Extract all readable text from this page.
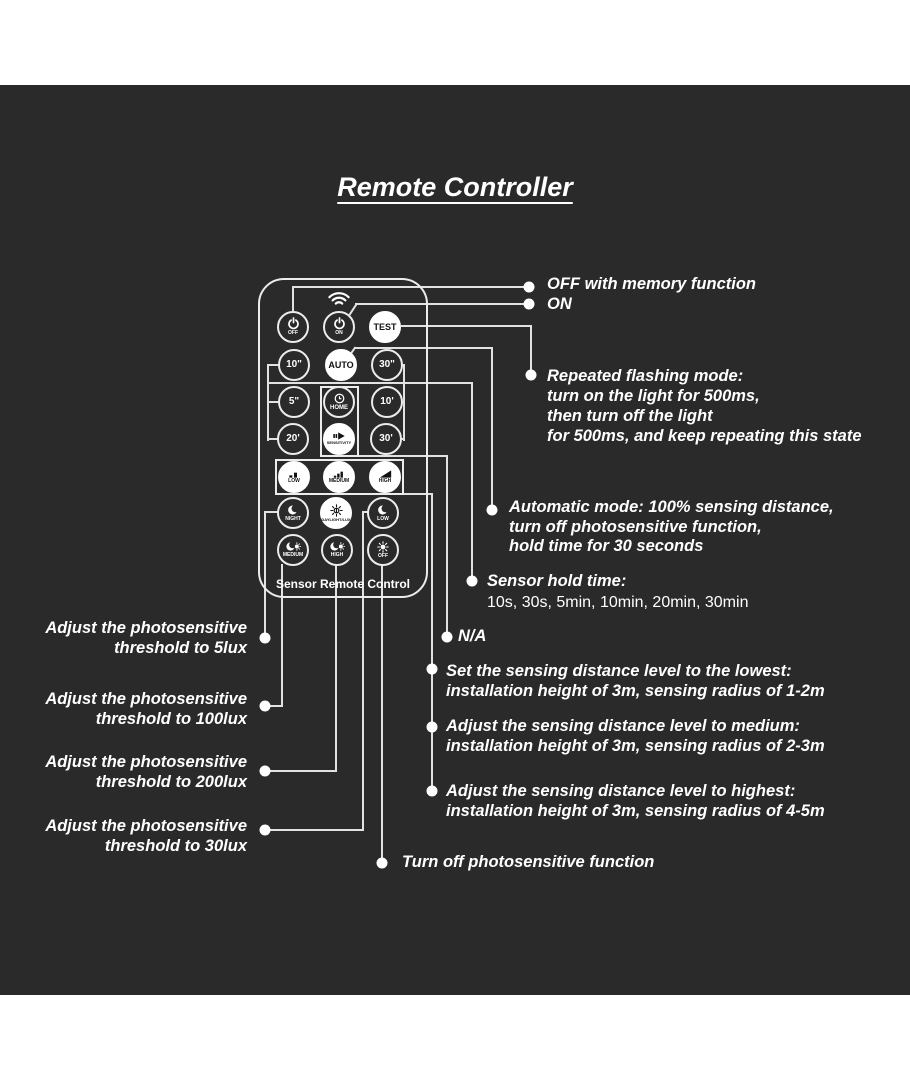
Remote Controller
OFF	ON
TEST
10"	AUTO	30"
5"
HOME
10'
20'	SENSITIVITY	30'
LOW	MEDIUM	HIGH
NIGHT	DAYLIGHT/LUX	LOW
MEDIUM	HIGH	OFF
Sensor Remote Control
OFF with memory function
ON
Repeated flashing mode:
turn on the light for 500ms,
then turn off the light
for 500ms, and keep repeating this state
Automatic mode: 100% sensing distance,
turn off photosensitive function,
hold time for 30 seconds
Sensor hold time:
10s, 30s, 5min, 10min, 20min, 30min
N/A
Set the sensing distance level to the lowest:
installation height of 3m, sensing radius of 1-2m
Adjust the sensing distance level to medium:
installation height of 3m, sensing radius of 2-3m
Adjust the sensing distance level to highest:
installation height of 3m, sensing radius of 4-5m
Turn off photosensitive function
Adjust the photosensitive
threshold to 5lux
Adjust the photosensitive
threshold to 100lux
Adjust the photosensitive
threshold to 200lux
Adjust the photosensitive
threshold to 30lux
